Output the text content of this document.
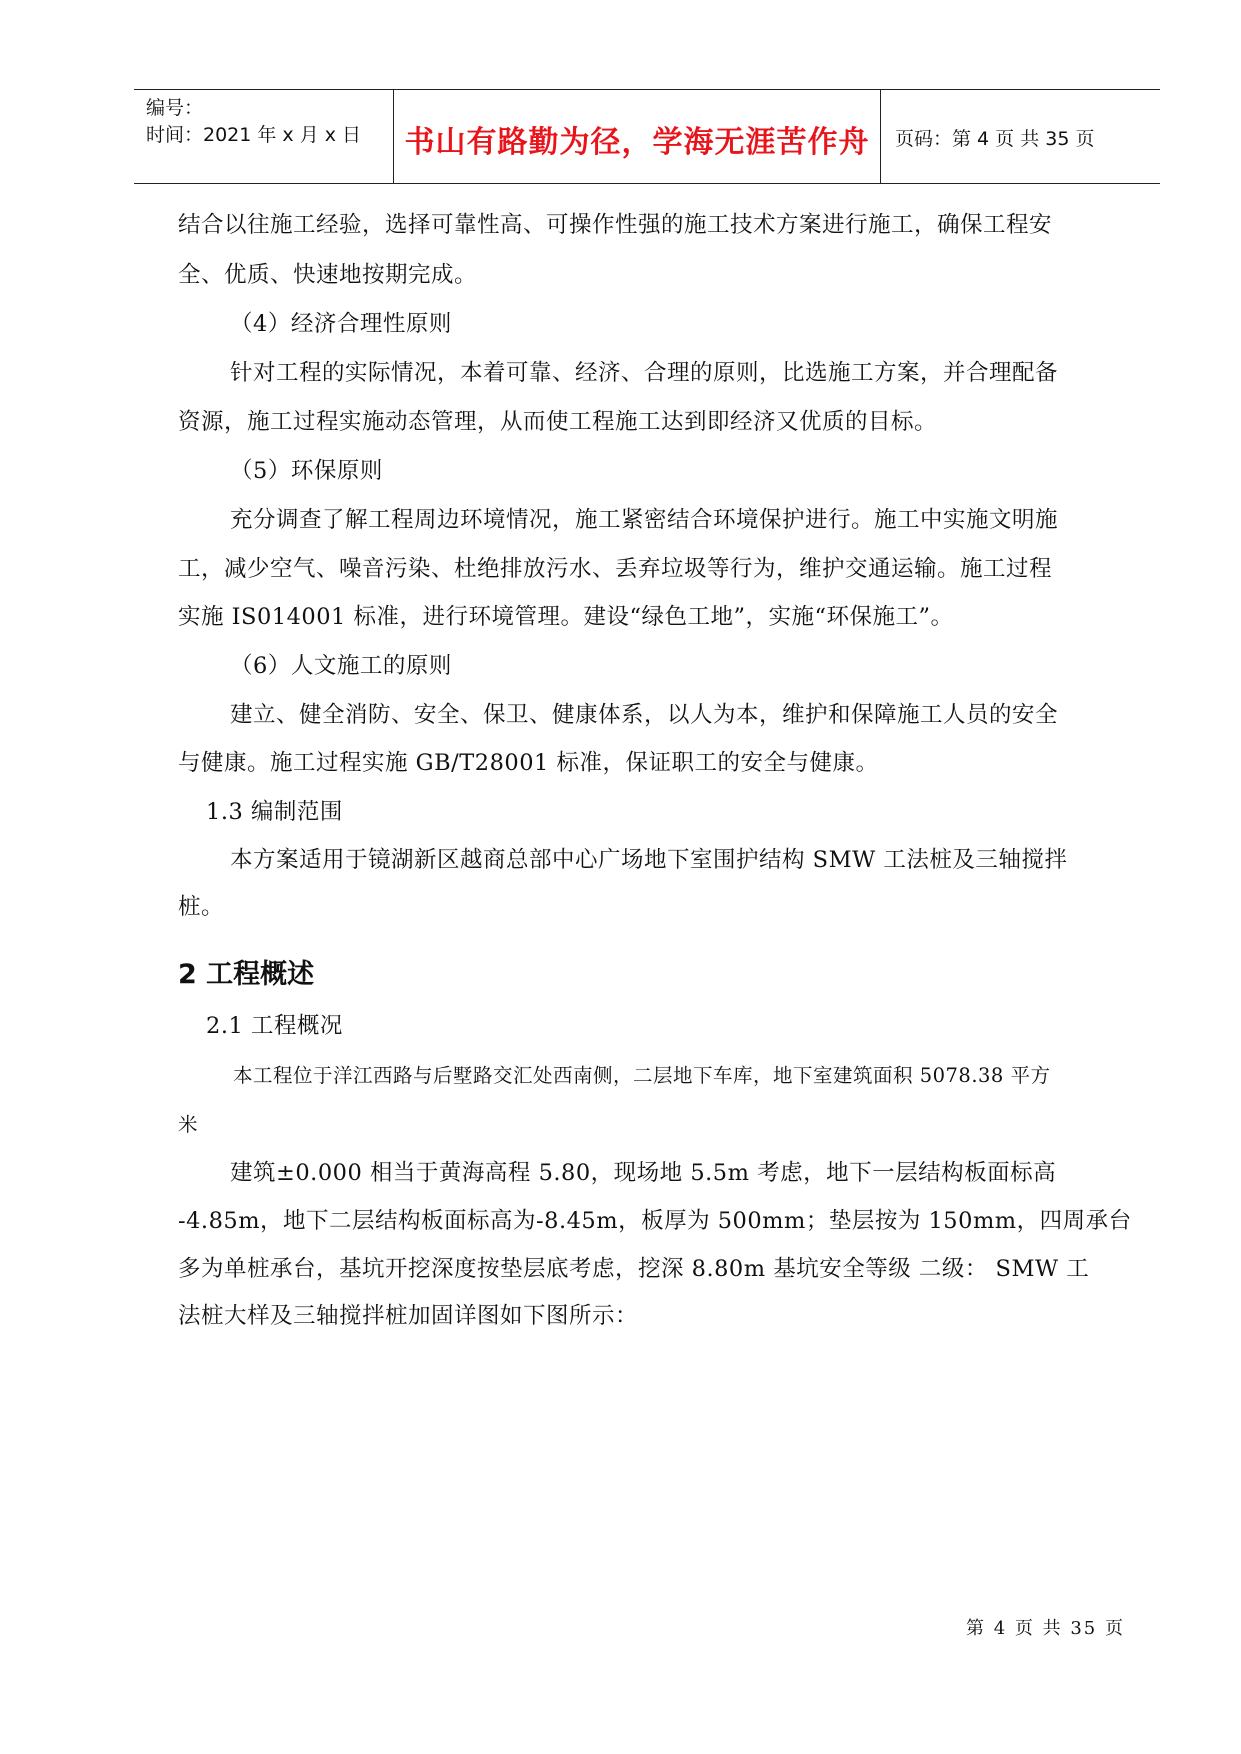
编号：
时间：2021 年 x 月 x 日	书山有路勤为径，学海无涯苦作舟	页码：第 4 页 共 35 页
结合以往施工经验，选择可靠性高、可操作性强的施工技术方案进行施工，确保工程安
全、优质、快速地按期完成。
（4）经济合理性原则
针对工程的实际情况，本着可靠、经济、合理的原则，比选施工方案，并合理配备
资源，施工过程实施动态管理，从而使工程施工达到即经济又优质的目标。
（5）环保原则
充分调查了解工程周边环境情况，施工紧密结合环境保护进行。施工中实施文明施
工，减少空气、噪音污染、杜绝排放污水、丢弃垃圾等行为，维护交通运输。施工过程
实施 IS014001 标准，进行环境管理。建设“绿色工地”，实施“环保施工”。
（6）人文施工的原则
建立、健全消防、安全、保卫、健康体系，以人为本，维护和保障施工人员的安全
与健康。施工过程实施 GB/T28001 标准，保证职工的安全与健康。
1.3 编制范围
本方案适用于镜湖新区越商总部中心广场地下室围护结构 SMW 工法桩及三轴搅拌
桩。
2 工程概述
2.1 工程概况
本工程位于洋江西路与后墅路交汇处西南侧，二层地下车库，地下室建筑面积 5078.38 平方
米
建筑±0.000 相当于黄海高程 5.80，现场地 5.5m 考虑，地下一层结构板面标高
-4.85m，地下二层结构板面标高为-8.45m，板厚为 500mm；垫层按为 150mm，四周承台
多为单桩承台，基坑开挖深度按垫层底考虑，挖深 8.80m 基坑安全等级 二级： SMW 工
法桩大样及三轴搅拌桩加固详图如下图所示：
第 4 页 共 35 页
